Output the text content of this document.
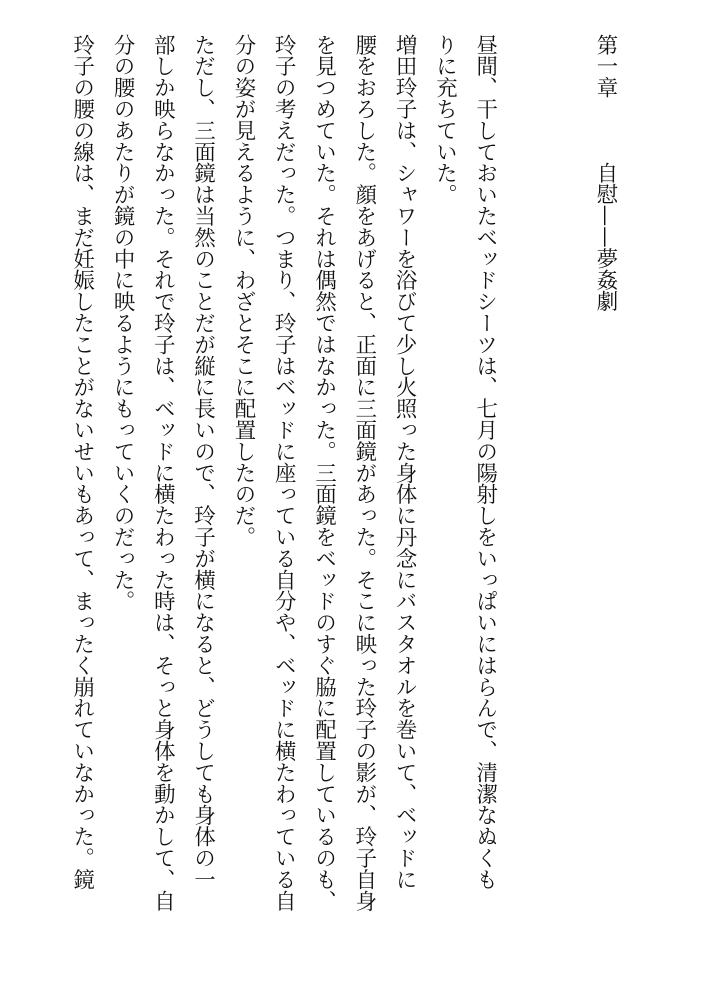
第一章自慰——夢姦劇
昼間、干しておいたベッドシーツは、七月の陽射しをいっぱいにはらんで、清潔なぬくも
りに充ちていた。
増田玲子は、シャワーを浴びて少し火照った身体に丹念にバスタオルを巻いて、ベッドに
腰をおろした。顔をあげると、正面に三面鏡があった。そこに映った玲子の影が、玲子自身
を見つめていた。それは偶然ではなかった。三面鏡をベッドのすぐ脇に配置しているのも、
玲子の考えだった。つまり、玲子はベッドに座っている自分や、ベッドに横たわっている自
分の姿が見えるように、わざとそこに配置したのだ。
ただし、三面鏡は当然のことだが縦に長いので、玲子が横になると、どうしても身体の一
部しか映らなかった。それで玲子は、ベッドに横たわった時は、そっと身体を動かして、自
分の腰のあたりが鏡の中に映るようにもっていくのだった。
玲子の腰の線は、まだ妊娠したことがないせいもあって、まったく崩れていなかった。鏡
